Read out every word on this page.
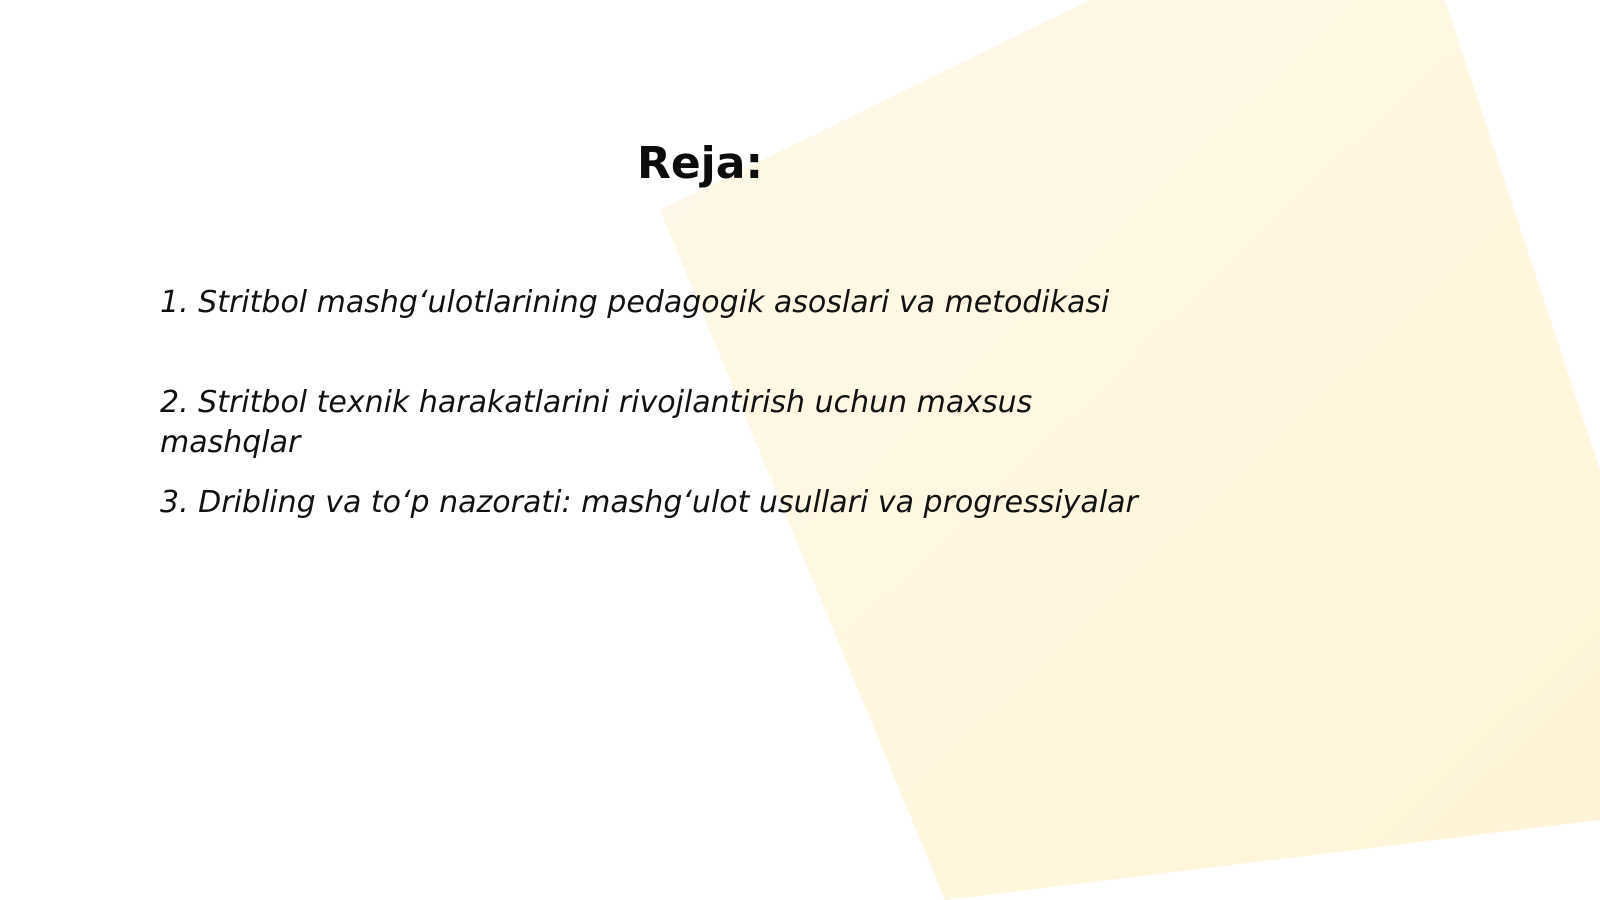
Reja:
1. Stritbol mashg‘ulotlarining pedagogik asoslari va metodikasi
2. Stritbol texnik harakatlarini rivojlantirish uchun maxsus mashqlar
3. Dribling va to‘p nazorati: mashg‘ulot usullari va progressiyalar
